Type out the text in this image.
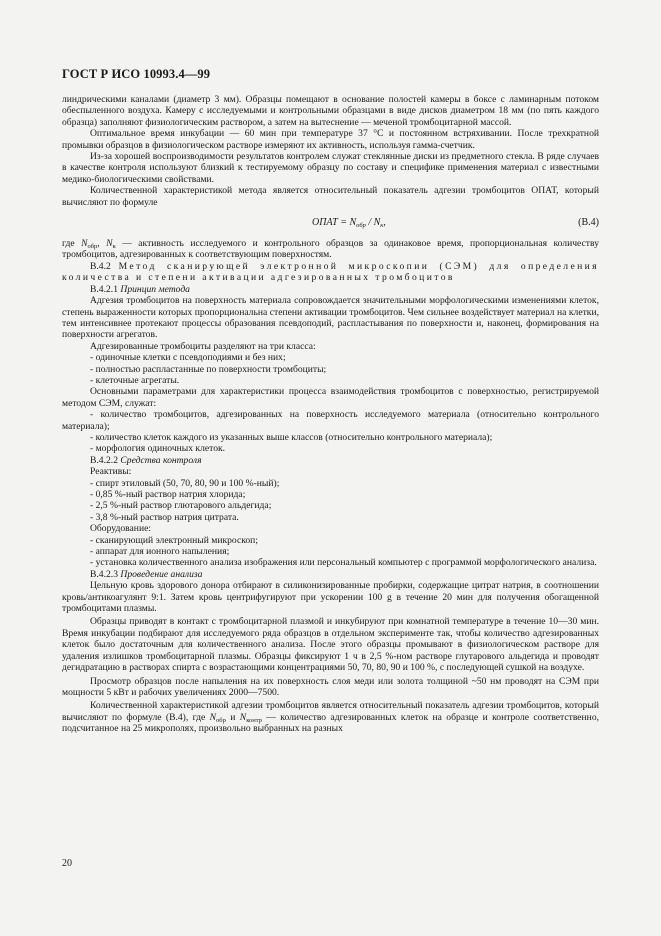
ГОСТ Р ИСО 10993.4—99

линдрическими каналами (диаметр 3 мм). Образцы помещают в основание полостей камеры в боксе с ламинарным потоком обеспыленного воздуха. Камеру с исследуемыми и контрольными образцами в виде дисков диаметром 18 мм (по пять каждого образца) заполняют физиологическим раствором, а затем на вытеснение — меченой тромбоцитарной массой.

Оптимальное время инкубации — 60 мин при температуре 37 °С и постоянном встряхивании. После трехкратной промывки образцов в физиологическом растворе измеряют их активность, используя гамма-счетчик.

Из-за хорошей воспроизводимости результатов контролем служат стеклянные диски из предметного стекла. В ряде случаев в качестве контроля используют близкий к тестируемому образцу по составу и специфике применения материал с известными медико-биологическими свойствами.

Количественной характеристикой метода является относительный показатель адгезии тромбоцитов ОПАТ, который вычисляют по формуле

ОПАТ = $N_{обр} / N_к$,	(B.4)

где $N_{обр}$, $N_к$ — активность исследуемого и контрольного образцов за одинаковое время, пропорциональная количеству тромбоцитов, адгезированных к соответствующим поверхностям.

В.4.2 Метод сканирующей электронной микроскопии (СЭМ) для определения количества и степени активации адгезированных тромбоцитов

В.4.2.1 Принцип метода

Адгезия тромбоцитов на поверхность материала сопровождается значительными морфологическими изменениями клеток, степень выраженности которых пропорциональна степени активации тромбоцитов. Чем сильнее воздействует материал на клетки, тем интенсивнее протекают процессы образования псевдоподий, распластывания по поверхности и, наконец, формирования на поверхности агрегатов.

Адгезированные тромбоциты разделяют на три класса:

- одиночные клетки с псевдоподиями и без них;

- полностью распластанные по поверхности тромбоциты;

- клеточные агрегаты.

Основными параметрами для характеристики процесса взаимодействия тромбоцитов с поверхностью, регистрируемой методом СЭМ, служат:

- количество тромбоцитов, адгезированных на поверхность исследуемого материала (относительно контрольного материала);

- количество клеток каждого из указанных выше классов (относительно контрольного материала);

- морфология одиночных клеток.

В.4.2.2 Средства контроля

Реактивы:

- спирт этиловый (50, 70, 80, 90 и 100 %-ный);

- 0,85 %-ный раствор натрия хлорида;

- 2,5 %-ный раствор глютарового альдегида;

- 3,8 %-ный раствор натрия цитрата.

Оборудование:

- сканирующий электронный микроскоп;

- аппарат для ионного напыления;

- установка количественного анализа изображения или персональный компьютер с программой морфологического анализа.

В.4.2.3 Проведение анализа

Цельную кровь здорового донора отбирают в силиконизированные пробирки, содержащие цитрат натрия, в соотношении кровь/антикоагулянт 9:1. Затем кровь центрифугируют при ускорении 100 g в течение 20 мин для получения обогащенной тромбоцитами плазмы.

Образцы приводят в контакт с тромбоцитарной плазмой и инкубируют при комнатной температуре в течение 10—30 мин. Время инкубации подбирают для исследуемого ряда образцов в отдельном эксперименте так, чтобы количество адгезированных клеток было достаточным для количественного анализа. После этого образцы промывают в физиологическом растворе для удаления излишков тромбоцитарной плазмы. Образцы фиксируют 1 ч в 2,5 %-ном растворе глутарового альдегида и проводят дегидратацию в растворах спирта с возрастающими концентрациями 50, 70, 80, 90 и 100 %, с последующей сушкой на воздухе.

Просмотр образцов после напыления на их поверхность слоя меди или золота толщиной ~50 нм проводят на СЭМ при мощности 5 кВт и рабочих увеличениях 2000—7500.

Количественной характеристикой адгезии тромбоцитов является относительный показатель адгезии тромбоцитов, который вычисляют по формуле (В.4), где $N_{обр}$ и $N_{контр}$ — количество адгезированных клеток на образце и контроле соответственно, подсчитанное на 25 микрополях, произвольно выбранных на разных

20
